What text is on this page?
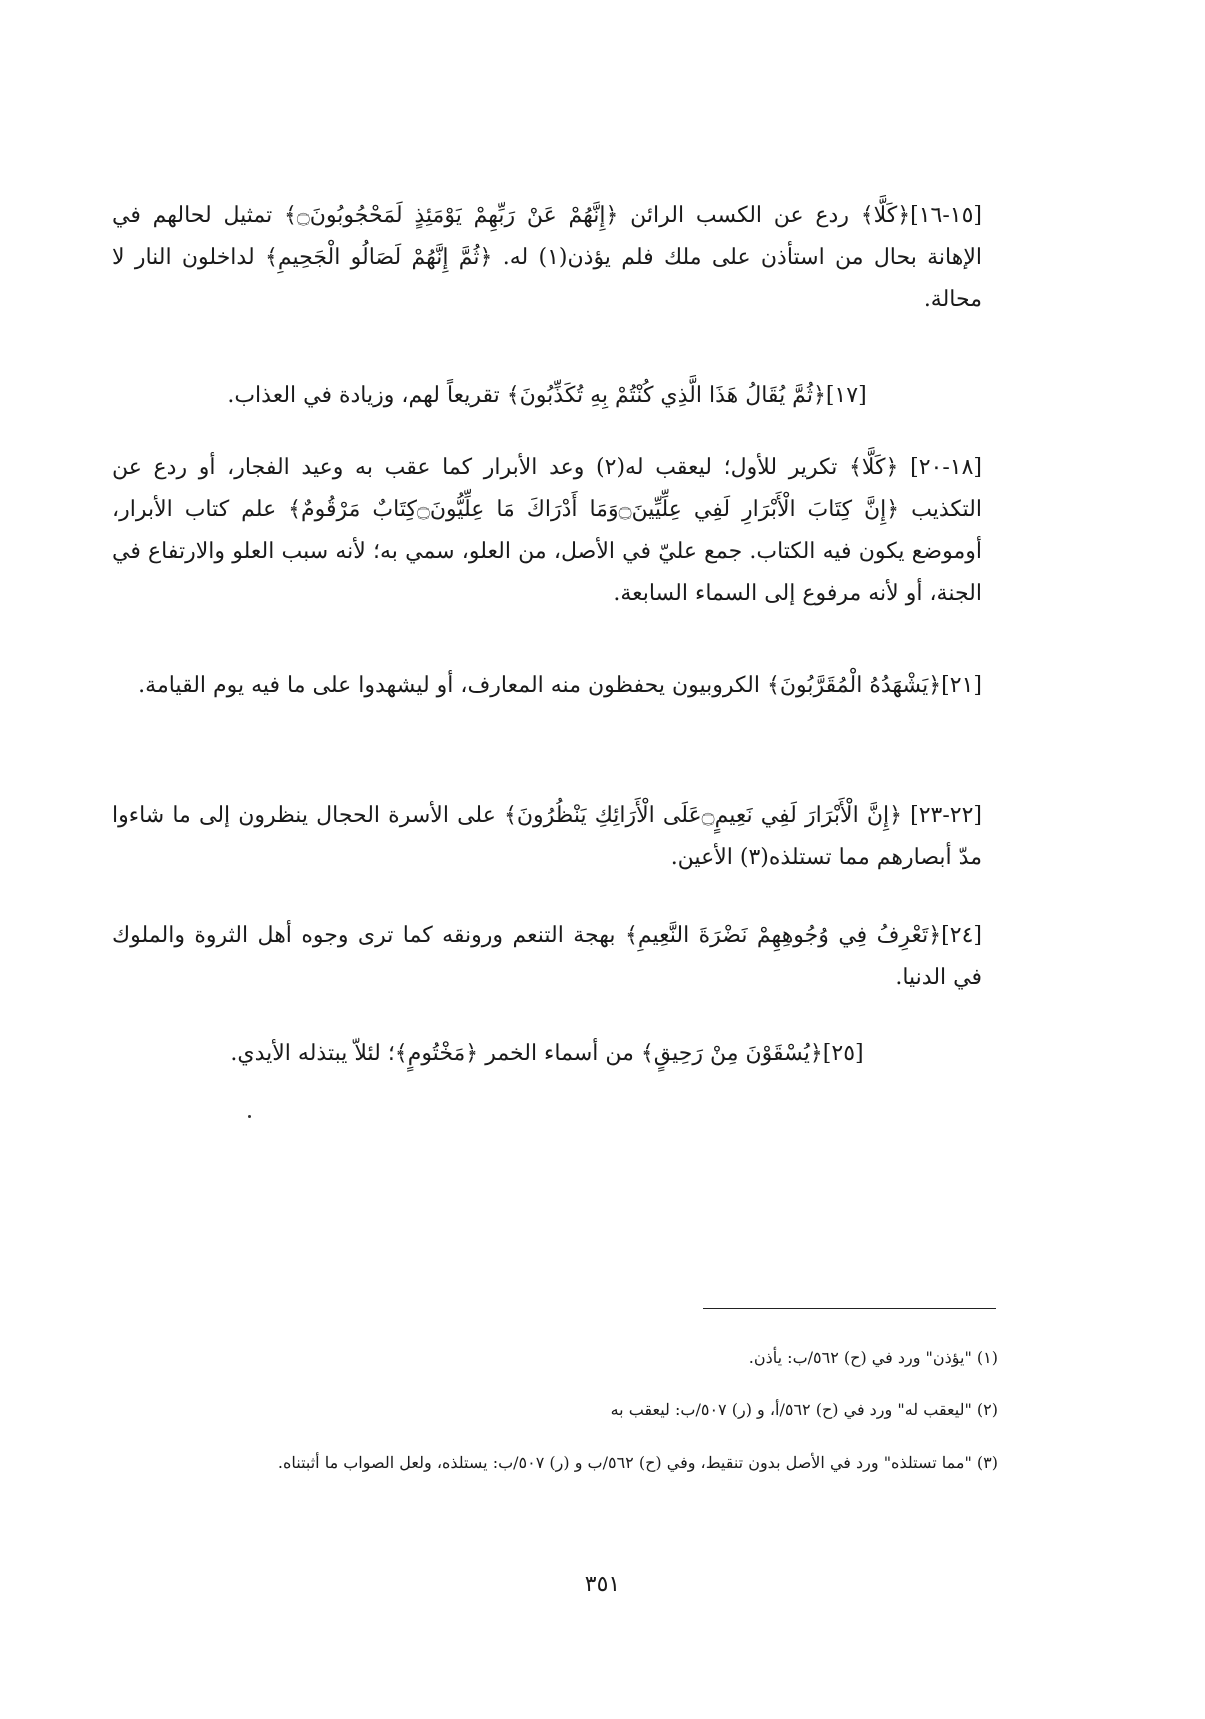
[١٥-١٦]﴿كَلَّا﴾ ردع عن الكسب الرائن ﴿إِنَّهُمْ عَنْ رَبِّهِمْ يَوْمَئِذٍ لَمَحْجُوبُونَ۝﴾ تمثيل لحالهم في الإهانة بحال من استأذن على ملك فلم يؤذن(١) له. ﴿ثُمَّ إِنَّهُمْ لَصَالُو الْجَحِيمِ﴾ لداخلون النار لا محالة.

[١٧]﴿ثُمَّ يُقَالُ هَذَا الَّذِي كُنْتُمْ بِهِ تُكَذِّبُونَ﴾ تقريعاً لهم، وزيادة في العذاب.

[١٨-٢٠] ﴿كَلَّا﴾ تكرير للأول؛ ليعقب له(٢) وعد الأبرار كما عقب به وعيد الفجار، أو ردع عن التكذيب ﴿إِنَّ كِتَابَ الْأَبْرَارِ لَفِي عِلِّيِّينَ۝وَمَا أَدْرَاكَ مَا عِلِّيُّونَ۝كِتَابٌ مَرْقُومٌ﴾ علم كتاب الأبرار، أوموضع يكون فيه الكتاب. جمع عليّ في الأصل، من العلو، سمي به؛ لأنه سبب العلو والارتفاع في الجنة، أو لأنه مرفوع إلى السماء السابعة.

[٢١]﴿يَشْهَدُهُ الْمُقَرَّبُونَ﴾ الكروبيون يحفظون منه المعارف، أو ليشهدوا على ما فيه يوم القيامة.

[٢٢-٢٣] ﴿إِنَّ الْأَبْرَارَ لَفِي نَعِيمٍ۝عَلَى الْأَرَائِكِ يَنْظُرُونَ﴾ على الأسرة الحجال ينظرون إلى ما شاءوا مدّ أبصارهم مما تستلذه(٣) الأعين.

[٢٤]﴿تَعْرِفُ فِي وُجُوهِهِمْ نَضْرَةَ النَّعِيمِ﴾ بهجة التنعم ورونقه كما ترى وجوه أهل الثروة والملوك في الدنيا.

[٢٥]﴿يُسْقَوْنَ مِنْ رَحِيقٍ﴾ من أسماء الخمر ﴿مَخْتُومٍ﴾؛ لئلاّ يبتذله الأيدي.

(١) "يؤذن" ورد في (ح) ٥٦٢/ب: يأذن.

(٢) "ليعقب له" ورد في (ح) ٥٦٢/أ، و (ر) ٥٠٧/ب: ليعقب به

(٣) "مما تستلذه" ورد في الأصل بدون تنقيط، وفي (ح) ٥٦٢/ب و (ر) ٥٠٧/ب: يستلذه، ولعل الصواب ما أثبتناه.

٣٥١
